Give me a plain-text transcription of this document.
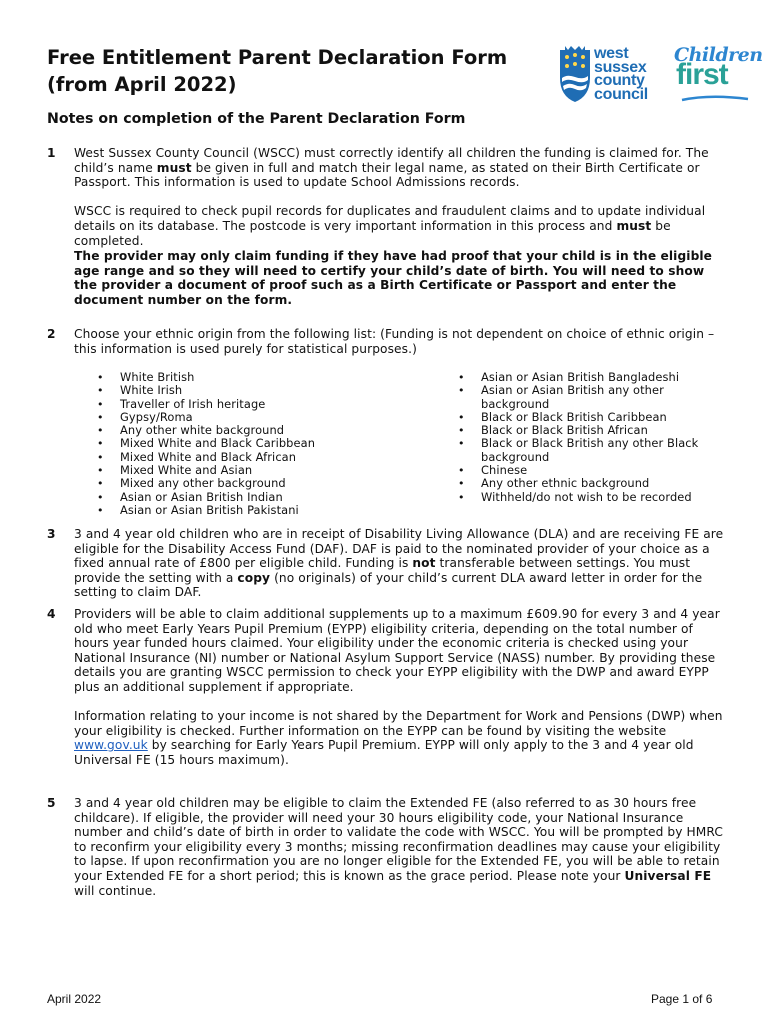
Free Entitlement Parent Declaration Form
(from April 2022)
west
sussex
county
council
Children
first
Notes on completion of the Parent Declaration Form
1 West Sussex County Council (WSCC) must correctly identify all children the funding is claimed for. The child’s name must be given in full and match their legal name, as stated on their Birth Certificate or Passport. This information is used to update School Admissions records.

WSCC is required to check pupil records for duplicates and fraudulent claims and to update individual details on its database. The postcode is very important information in this process and must be completed.

The provider may only claim funding if they have had proof that your child is in the eligible age range and so they will need to certify your child’s date of birth. You will need to show the provider a document of proof such as a Birth Certificate or Passport and enter the document number on the form.

2 Choose your ethnic origin from the following list: (Funding is not dependent on choice of ethnic origin – this information is used purely for statistical purposes.)

• White British
• White Irish
• Traveller of Irish heritage
• Gypsy/Roma
• Any other white background
• Mixed White and Black Caribbean
• Mixed White and Black African
• Mixed White and Asian
• Mixed any other background
• Asian or Asian British Indian
• Asian or Asian British Pakistani
• Asian or Asian British Bangladeshi
• Asian or Asian British any other background
• Black or Black British Caribbean
• Black or Black British African
• Black or Black British any other Black background
• Chinese
• Any other ethnic background
• Withheld/do not wish to be recorded
3 3 and 4 year old children who are in receipt of Disability Living Allowance (DLA) and are receiving FE are eligible for the Disability Access Fund (DAF). DAF is paid to the nominated provider of your choice as a fixed annual rate of £800 per eligible child. Funding is not transferable between settings. You must provide the setting with a copy (no originals) of your child’s current DLA award letter in order for the setting to claim DAF.

4 Providers will be able to claim additional supplements up to a maximum £609.90 for every 3 and 4 year old who meet Early Years Pupil Premium (EYPP) eligibility criteria, depending on the total number of hours year funded hours claimed. Your eligibility under the economic criteria is checked using your National Insurance (NI) number or National Asylum Support Service (NASS) number. By providing these details you are granting WSCC permission to check your EYPP eligibility with the DWP and award EYPP plus an additional supplement if appropriate.

Information relating to your income is not shared by the Department for Work and Pensions (DWP) when your eligibility is checked. Further information on the EYPP can be found by visiting the website www.gov.uk by searching for Early Years Pupil Premium. EYPP will only apply to the 3 and 4 year old Universal FE (15 hours maximum).

5 3 and 4 year old children may be eligible to claim the Extended FE (also referred to as 30 hours free childcare). If eligible, the provider will need your 30 hours eligibility code, your National Insurance number and child’s date of birth in order to validate the code with WSCC. You will be prompted by HMRC to reconfirm your eligibility every 3 months; missing reconfirmation deadlines may cause your eligibility to lapse. If upon reconfirmation you are no longer eligible for the Extended FE, you will be able to retain your Extended FE for a short period; this is known as the grace period. Please note your Universal FE will continue.

April 2022	Page 1 of 6
